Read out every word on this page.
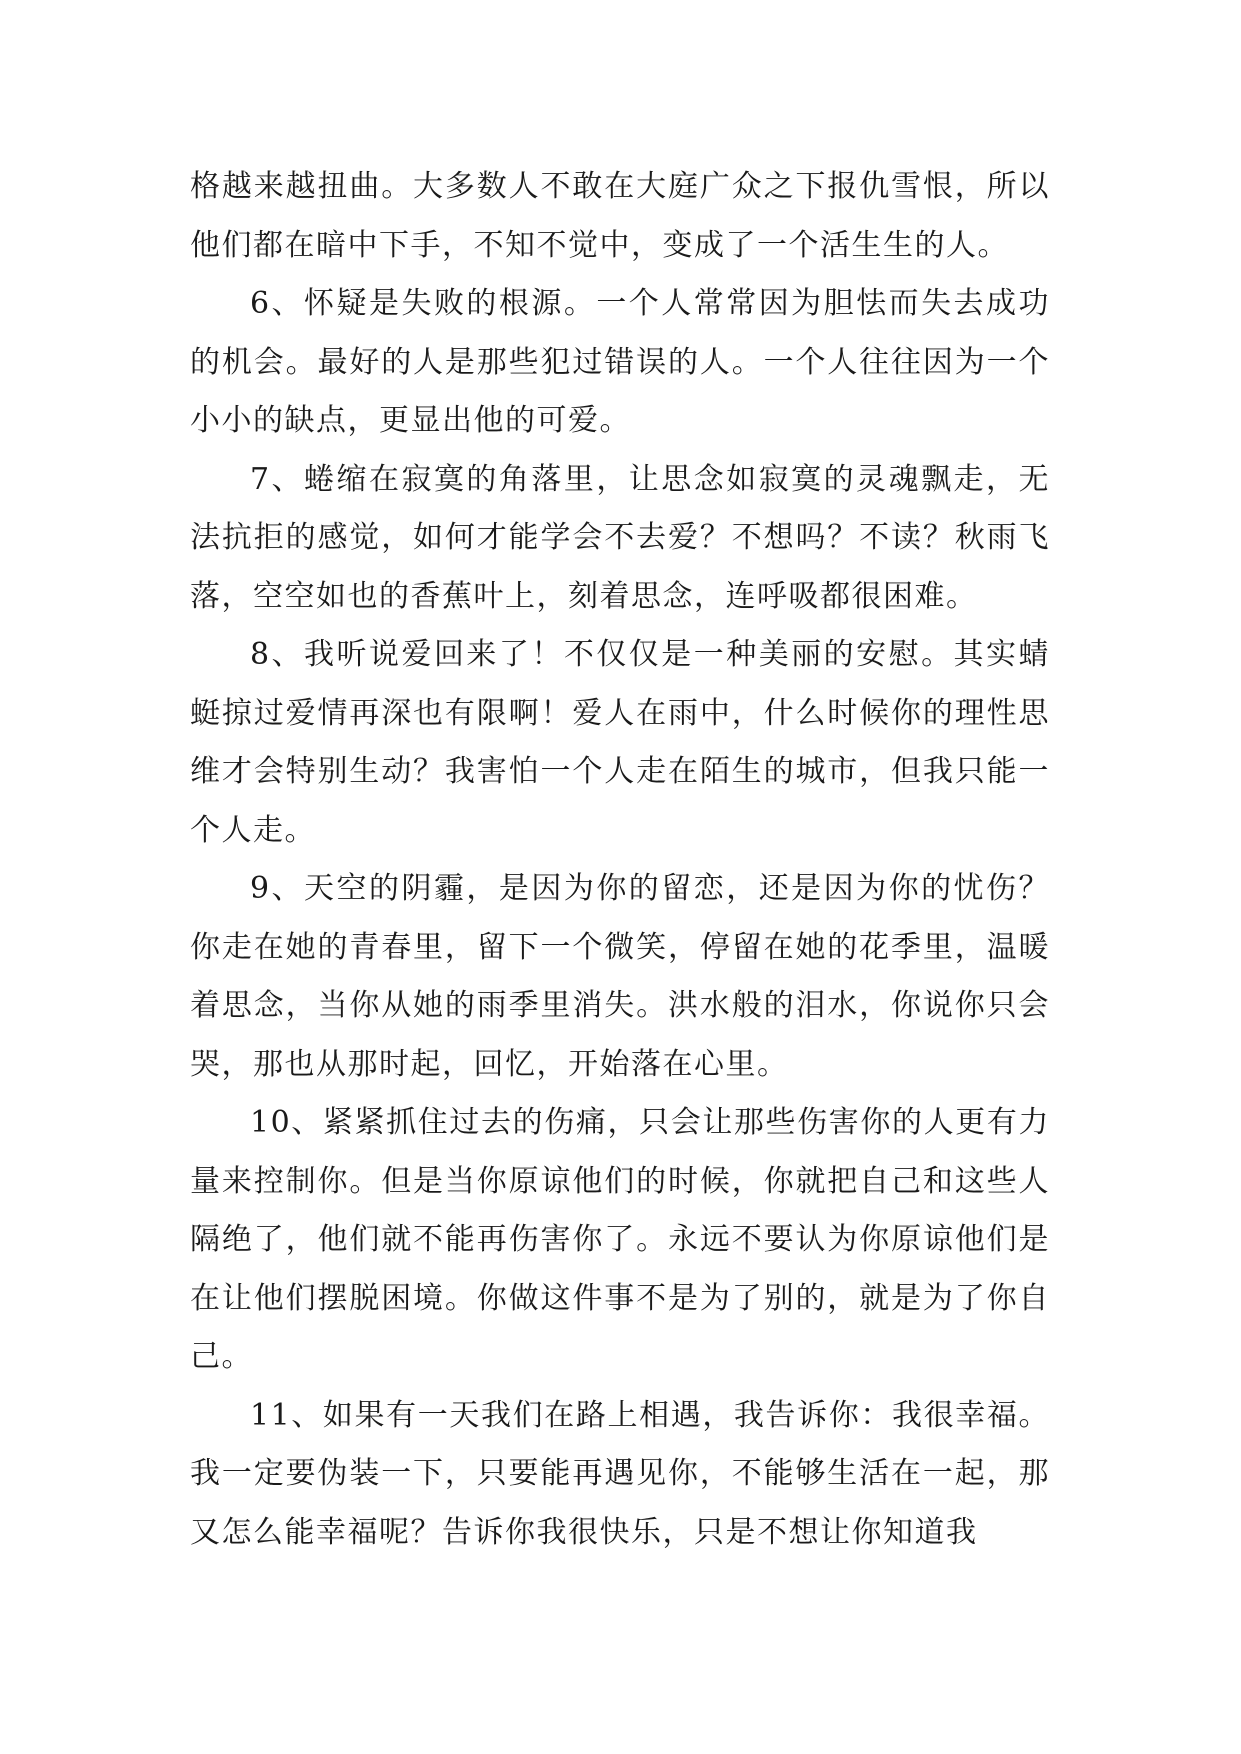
格越来越扭曲。大多数人不敢在大庭广众之下报仇雪恨，所以他们都在暗中下手，不知不觉中，变成了一个活生生的人。

6、怀疑是失败的根源。一个人常常因为胆怯而失去成功的机会。最好的人是那些犯过错误的人。一个人往往因为一个小小的缺点，更显出他的可爱。

7、蜷缩在寂寞的角落里，让思念如寂寞的灵魂飘走，无法抗拒的感觉，如何才能学会不去爱？不想吗？不读？秋雨飞落，空空如也的香蕉叶上，刻着思念，连呼吸都很困难。

8、我听说爱回来了！不仅仅是一种美丽的安慰。其实蜻蜓掠过爱情再深也有限啊！爱人在雨中，什么时候你的理性思维才会特别生动？我害怕一个人走在陌生的城市，但我只能一个人走。

9、天空的阴霾，是因为你的留恋，还是因为你的忧伤？你走在她的青春里，留下一个微笑，停留在她的花季里，温暖着思念，当你从她的雨季里消失。洪水般的泪水，你说你只会哭，那也从那时起，回忆，开始落在心里。

10、紧紧抓住过去的伤痛，只会让那些伤害你的人更有力量来控制你。但是当你原谅他们的时候，你就把自己和这些人隔绝了，他们就不能再伤害你了。永远不要认为你原谅他们是在让他们摆脱困境。你做这件事不是为了别的，就是为了你自己。

11、如果有一天我们在路上相遇，我告诉你：我很幸福。我一定要伪装一下，只要能再遇见你，不能够生活在一起，那又怎么能幸福呢？告诉你我很快乐，只是不想让你知道我
